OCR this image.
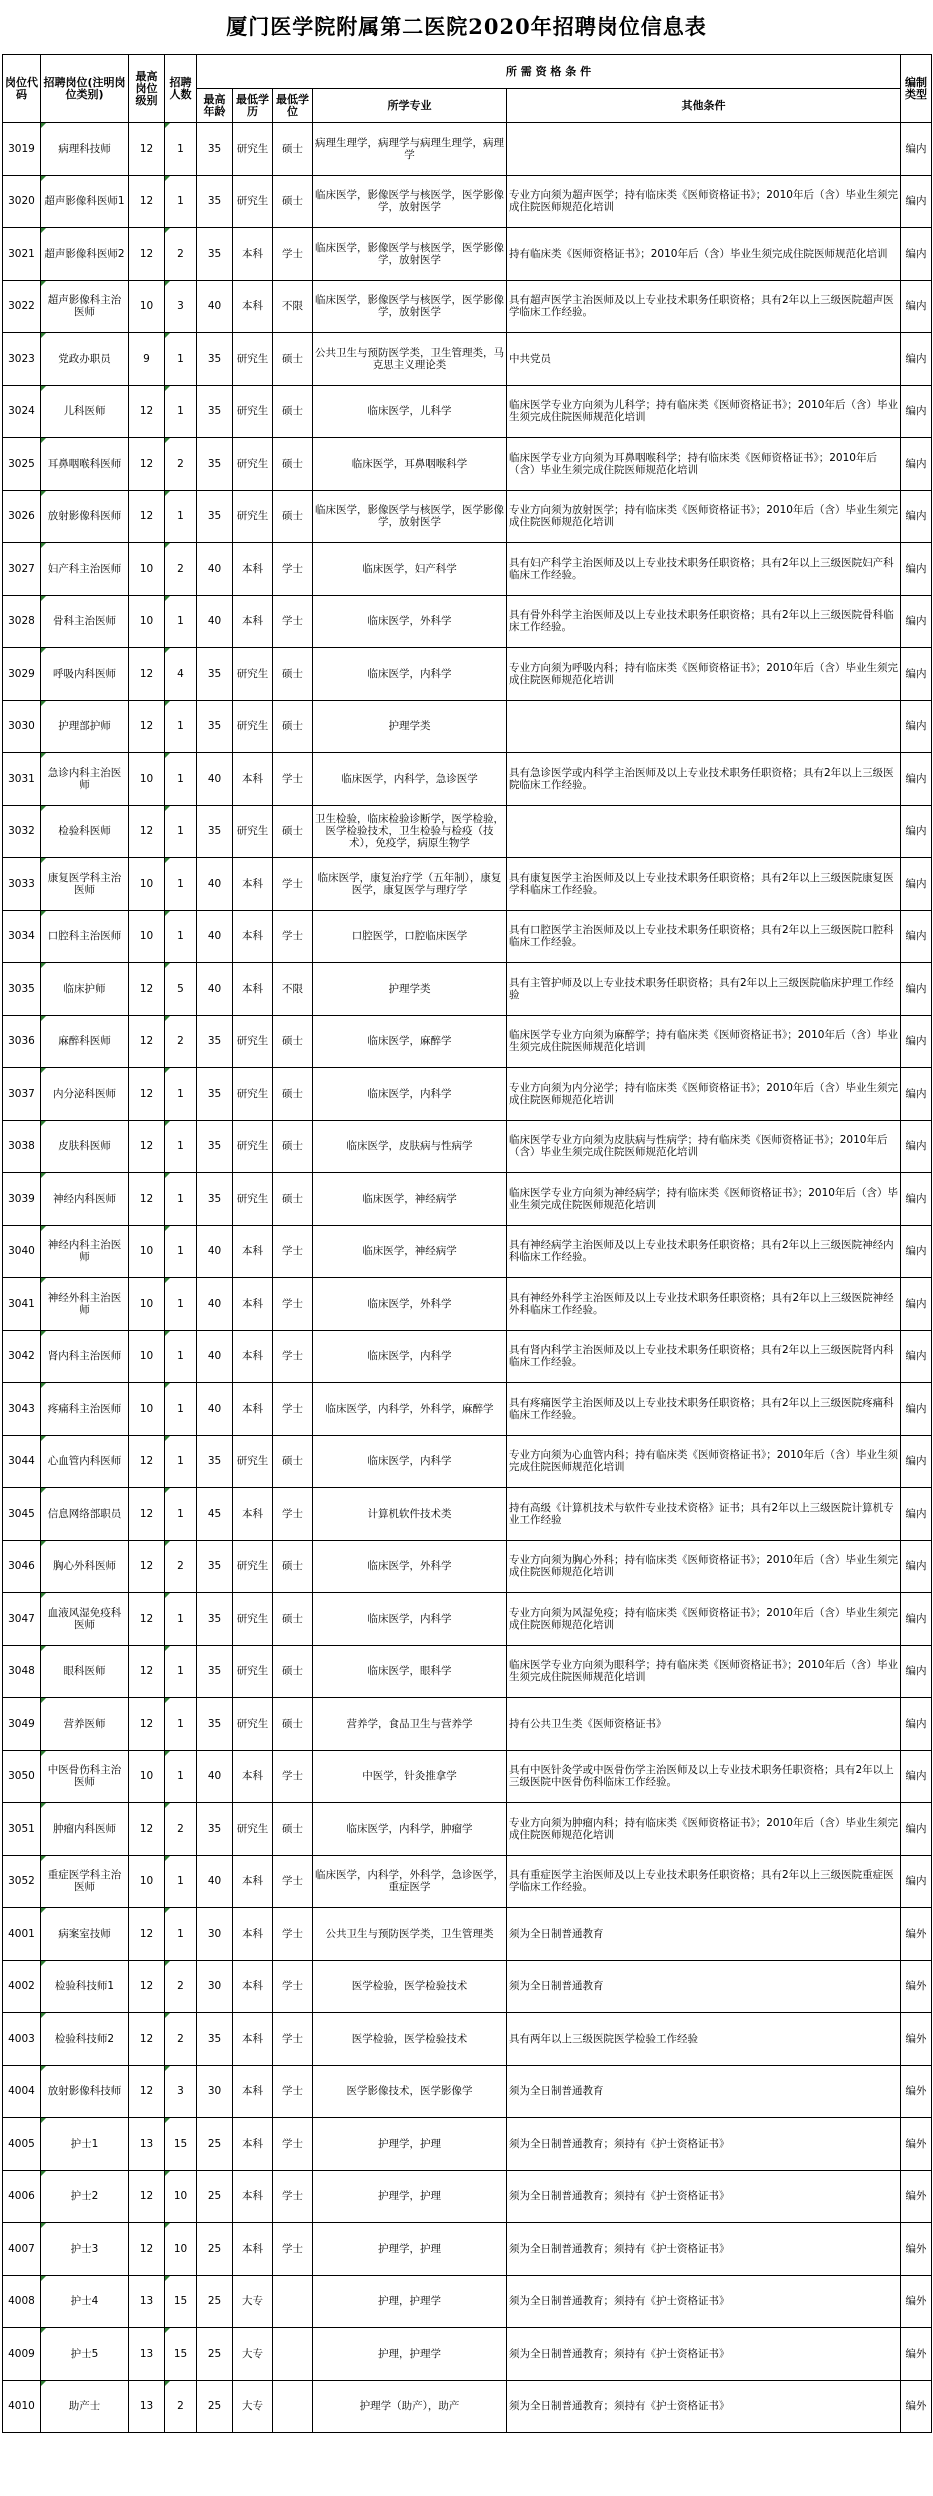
厦门医学院附属第二医院2020年招聘岗位信息表
岗位代码	招聘岗位(注明岗位类别)	最高岗位级别	招聘人数	所 需 资 格 条 件					编制类型
				最高年龄	最低学历	最低学位	所学专业	其他条件	
3019	病理科技师	12	1	35	研究生	硕士	病理生理学，病理学与病理生理学，病理学		编内
3020	超声影像科医师1	12	1	35	研究生	硕士	临床医学，影像医学与核医学，医学影像学，放射医学	专业方向须为超声医学；持有临床类《医师资格证书》；2010年后（含）毕业生须完成住院医师规范化培训	编内
3021	超声影像科医师2	12	2	35	本科	学士	临床医学，影像医学与核医学，医学影像学，放射医学	持有临床类《医师资格证书》；2010年后（含）毕业生须完成住院医师规范化培训	编内
3022	超声影像科主治医师	10	3	40	本科	不限	临床医学，影像医学与核医学，医学影像学，放射医学	具有超声医学主治医师及以上专业技术职务任职资格；具有2年以上三级医院超声医学临床工作经验。	编内
3023	党政办职员	9	1	35	研究生	硕士	公共卫生与预防医学类，卫生管理类，马克思主义理论类	中共党员	编内
3024	儿科医师	12	1	35	研究生	硕士	临床医学，儿科学	临床医学专业方向须为儿科学；持有临床类《医师资格证书》；2010年后（含）毕业生须完成住院医师规范化培训	编内
3025	耳鼻咽喉科医师	12	2	35	研究生	硕士	临床医学，耳鼻咽喉科学	临床医学专业方向须为耳鼻咽喉科学；持有临床类《医师资格证书》；2010年后（含）毕业生须完成住院医师规范化培训	编内
3026	放射影像科医师	12	1	35	研究生	硕士	临床医学，影像医学与核医学，医学影像学，放射医学	专业方向须为放射医学；持有临床类《医师资格证书》；2010年后（含）毕业生须完成住院医师规范化培训	编内
3027	妇产科主治医师	10	2	40	本科	学士	临床医学，妇产科学	具有妇产科学主治医师及以上专业技术职务任职资格；具有2年以上三级医院妇产科临床工作经验。	编内
3028	骨科主治医师	10	1	40	本科	学士	临床医学，外科学	具有骨外科学主治医师及以上专业技术职务任职资格；具有2年以上三级医院骨科临床工作经验。	编内
3029	呼吸内科医师	12	4	35	研究生	硕士	临床医学，内科学	专业方向须为呼吸内科；持有临床类《医师资格证书》；2010年后（含）毕业生须完成住院医师规范化培训	编内
3030	护理部护师	12	1	35	研究生	硕士	护理学类		编内
3031	急诊内科主治医师	10	1	40	本科	学士	临床医学，内科学，急诊医学	具有急诊医学或内科学主治医师及以上专业技术职务任职资格；具有2年以上三级医院临床工作经验。	编内
3032	检验科医师	12	1	35	研究生	硕士	卫生检验，临床检验诊断学，医学检验，医学检验技术，卫生检验与检疫（技术），免疫学，病原生物学		编内
3033	康复医学科主治医师	10	1	40	本科	学士	临床医学，康复治疗学（五年制），康复医学，康复医学与理疗学	具有康复医学主治医师及以上专业技术职务任职资格；具有2年以上三级医院康复医学科临床工作经验。	编内
3034	口腔科主治医师	10	1	40	本科	学士	口腔医学，口腔临床医学	具有口腔医学主治医师及以上专业技术职务任职资格；具有2年以上三级医院口腔科临床工作经验。	编内
3035	临床护师	12	5	40	本科	不限	护理学类	具有主管护师及以上专业技术职务任职资格；具有2年以上三级医院临床护理工作经验	编内
3036	麻醉科医师	12	2	35	研究生	硕士	临床医学，麻醉学	临床医学专业方向须为麻醉学；持有临床类《医师资格证书》；2010年后（含）毕业生须完成住院医师规范化培训	编内
3037	内分泌科医师	12	1	35	研究生	硕士	临床医学，内科学	专业方向须为内分泌学；持有临床类《医师资格证书》；2010年后（含）毕业生须完成住院医师规范化培训	编内
3038	皮肤科医师	12	1	35	研究生	硕士	临床医学，皮肤病与性病学	临床医学专业方向须为皮肤病与性病学；持有临床类《医师资格证书》；2010年后（含）毕业生须完成住院医师规范化培训	编内
3039	神经内科医师	12	1	35	研究生	硕士	临床医学，神经病学	临床医学专业方向须为神经病学；持有临床类《医师资格证书》；2010年后（含）毕业生须完成住院医师规范化培训	编内
3040	神经内科主治医师	10	1	40	本科	学士	临床医学，神经病学	具有神经病学主治医师及以上专业技术职务任职资格；具有2年以上三级医院神经内科临床工作经验。	编内
3041	神经外科主治医师	10	1	40	本科	学士	临床医学，外科学	具有神经外科学主治医师及以上专业技术职务任职资格；具有2年以上三级医院神经外科临床工作经验。	编内
3042	肾内科主治医师	10	1	40	本科	学士	临床医学，内科学	具有肾内科学主治医师及以上专业技术职务任职资格；具有2年以上三级医院肾内科临床工作经验。	编内
3043	疼痛科主治医师	10	1	40	本科	学士	临床医学，内科学，外科学，麻醉学	具有疼痛医学主治医师及以上专业技术职务任职资格；具有2年以上三级医院疼痛科临床工作经验。	编内
3044	心血管内科医师	12	1	35	研究生	硕士	临床医学，内科学	专业方向须为心血管内科；持有临床类《医师资格证书》；2010年后（含）毕业生须完成住院医师规范化培训	编内
3045	信息网络部职员	12	1	45	本科	学士	计算机软件技术类	持有高级《计算机技术与软件专业技术资格》证书；具有2年以上三级医院计算机专业工作经验	编内
3046	胸心外科医师	12	2	35	研究生	硕士	临床医学，外科学	专业方向须为胸心外科；持有临床类《医师资格证书》；2010年后（含）毕业生须完成住院医师规范化培训	编内
3047	血液风湿免疫科医师	12	1	35	研究生	硕士	临床医学，内科学	专业方向须为风湿免疫；持有临床类《医师资格证书》；2010年后（含）毕业生须完成住院医师规范化培训	编内
3048	眼科医师	12	1	35	研究生	硕士	临床医学，眼科学	临床医学专业方向须为眼科学；持有临床类《医师资格证书》；2010年后（含）毕业生须完成住院医师规范化培训	编内
3049	营养医师	12	1	35	研究生	硕士	营养学，食品卫生与营养学	持有公共卫生类《医师资格证书》	编内
3050	中医骨伤科主治医师	10	1	40	本科	学士	中医学，针灸推拿学	具有中医针灸学或中医骨伤学主治医师及以上专业技术职务任职资格；具有2年以上三级医院中医骨伤科临床工作经验。	编内
3051	肿瘤内科医师	12	2	35	研究生	硕士	临床医学，内科学，肿瘤学	专业方向须为肿瘤内科；持有临床类《医师资格证书》；2010年后（含）毕业生须完成住院医师规范化培训	编内
3052	重症医学科主治医师	10	1	40	本科	学士	临床医学，内科学，外科学，急诊医学，重症医学	具有重症医学主治医师及以上专业技术职务任职资格；具有2年以上三级医院重症医学临床工作经验。	编内
4001	病案室技师	12	1	30	本科	学士	公共卫生与预防医学类，卫生管理类	须为全日制普通教育	编外
4002	检验科技师1	12	2	30	本科	学士	医学检验，医学检验技术	须为全日制普通教育	编外
4003	检验科技师2	12	2	35	本科	学士	医学检验，医学检验技术	具有两年以上三级医院医学检验工作经验	编外
4004	放射影像科技师	12	3	30	本科	学士	医学影像技术，医学影像学	须为全日制普通教育	编外
4005	护士1	13	15	25	本科	学士	护理学，护理	须为全日制普通教育；须持有《护士资格证书》	编外
4006	护士2	12	10	25	本科	学士	护理学，护理	须为全日制普通教育；须持有《护士资格证书》	编外
4007	护士3	12	10	25	本科	学士	护理学，护理	须为全日制普通教育；须持有《护士资格证书》	编外
4008	护士4	13	15	25	大专		护理，护理学	须为全日制普通教育；须持有《护士资格证书》	编外
4009	护士5	13	15	25	大专		护理，护理学	须为全日制普通教育；须持有《护士资格证书》	编外
4010	助产士	13	2	25	大专		护理学（助产），助产	须为全日制普通教育；须持有《护士资格证书》	编外
